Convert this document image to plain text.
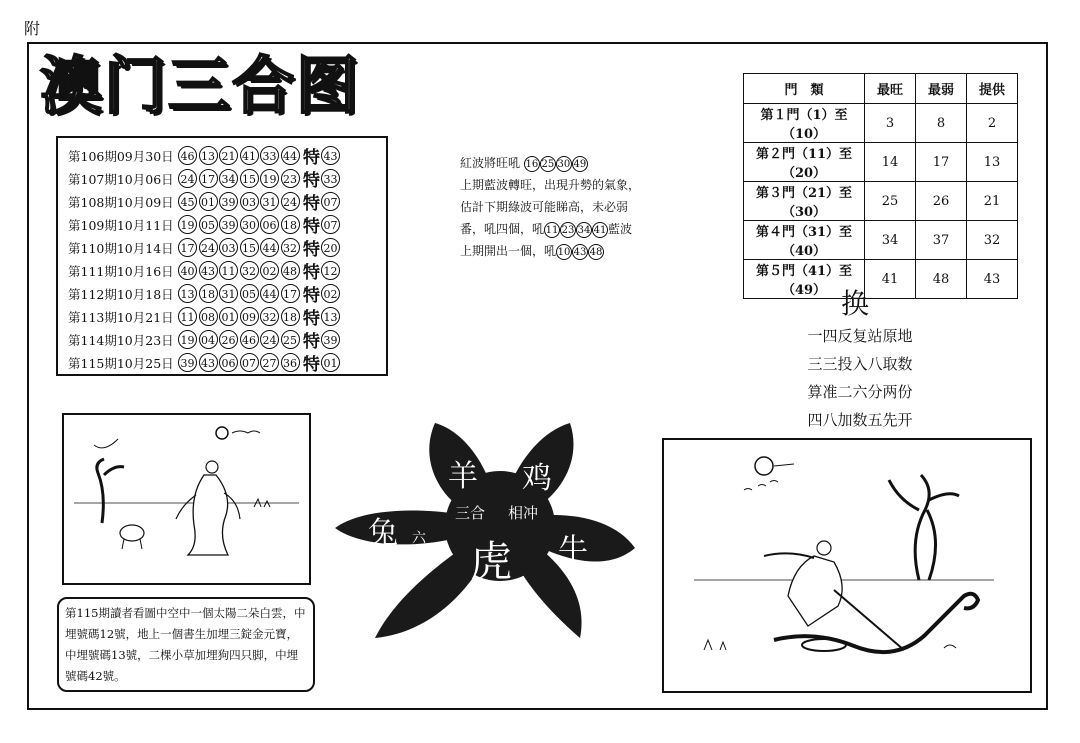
附
澳门三合图
第106期09月30日 46 13 21 41 33 44 特 43
第107期10月06日 24 17 34 15 19 23 特 33
第108期10月09日 45 01 39 03 31 24 特 07
第109期10月11日 19 05 39 30 06 18 特 07
第110期10月14日 17 24 03 15 44 32 特 20
第111期10月16日 40 43 11 32 02 48 特 12
第112期10月18日 13 18 31 05 44 17 特 02
第113期10月21日 11 08 01 09 32 18 特 13
第114期10月23日 19 04 26 46 24 25 特 39
第115期10月25日 39 43 06 07 27 36 特 01
紅波將旺吼 16 25 30 49
上期藍波轉旺，出現升勢的氣象，
估計下期綠波可能睇高，未必弱
番，吼四個，吼 11 23 34 41 藍波
上期開出一個，吼 10 43 48
門　類	最旺	最弱	提供
第１門（1）至（10）	3	8	2
第２門（11）至（20）	14	17	13
第３門（21）至（30）	25	26	21
第４門（31）至（40）	34	37	32
第５門（41）至（49）	41	48	43
换
一四反复站原地
三三投入八取数
算准二六分两份
四八加数五先开
第115期讀者看圖中空中一個太陽二朵白雲，中埋號碼12號，地上一個書生加埋三錠金元寶，中埋號碼13號，二棵小草加埋狗四只脚，中埋號碼42號。
羊 鸡
兔	牛
虎
三合 相冲
六合
